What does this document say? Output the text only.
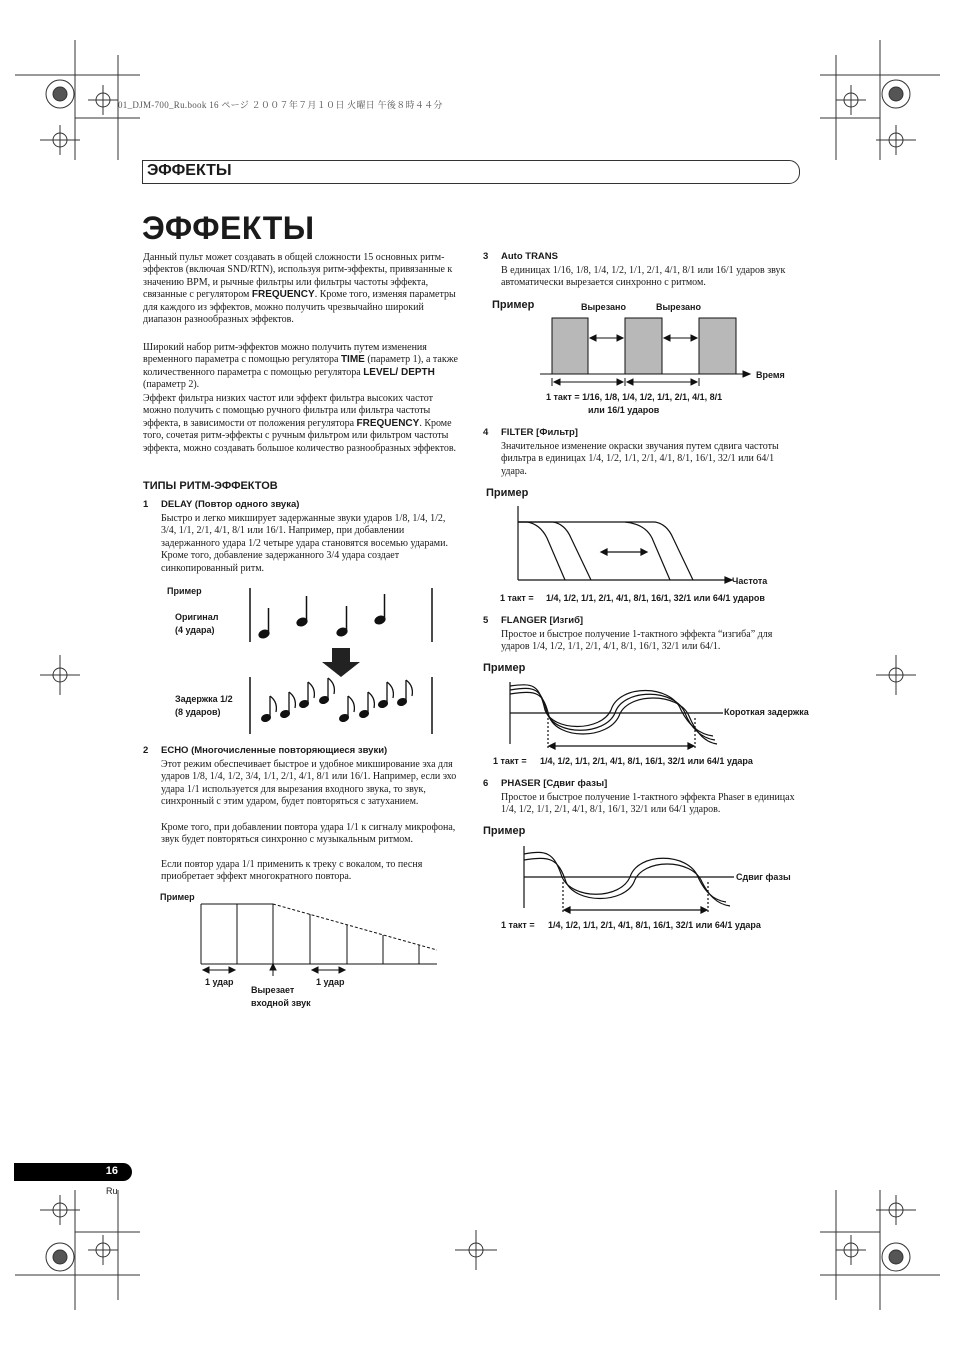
01_DJM-700_Ru.book 16 ページ ２００７年７月１０日 火曜日 午後８時４４分
ЭФФЕКТЫ
ЭФФЕКТЫ
Данный пульт может создавать в общей сложности 15 основных ритм-эффектов (включая SND/RTN), используя ритм-эффекты, привязанные к значению BPM, и рычные фильтры или фильтры частоты эффекта, связанные с регулятором FREQUENCY. Кроме того, изменяя параметры для каждого из эффектов, можно получить чрезвычайно широкий диапазон разнообразных эффектов.
Широкий набор ритм-эффектов можно получить путем изменения временного параметра с помощью регулятора TIME (параметр 1), а также количественного параметра с помощью регулятора LEVEL/ DEPTH (параметр 2).
Эффект фильтра низких частот или эффект фильтра высоких частот можно получить с помощью ручного фильтра или фильтра частоты эффекта, в зависимости от положения регулятора FREQUENCY. Кроме того, сочетая ритм-эффекты с ручным фильтром или фильтром частоты эффекта, можно создавать большое количество разнообразных эффектов.
ТИПЫ РИТМ-ЭФФЕКТОВ
1 DELAY (Повтор одного звука)
Быстро и легко микширует задержанные звуки ударов 1/8, 1/4, 1/2, 3/4, 1/1, 2/1, 4/1, 8/1 или 16/1. Например, при добавлении задержанного удара 1/2 четыре удара становятся восемью ударами. Кроме того, добавление задержанного 3/4 удара создает синкопированный ритм.
Пример
Оригинал
(4 удара)
Задержка 1/2
(8 ударов)
2 ECHO (Многочисленные повторяющиеся звуки)
Этот режим обеспечивает быстрое и удобное микширование эха для ударов 1/8, 1/4, 1/2, 3/4, 1/1, 2/1, 4/1, 8/1 или 16/1. Например, если эхо удара 1/1 используется для вырезания входного звука, то звук, синхронный с этим ударом, будет повторяться с затуханием.
Кроме того, при добавлении повтора удара 1/1 к сигналу микрофона, звук будет повторяться синхронно с музыкальным ритмом.
Если повтор удара 1/1 применить к треку с вокалом, то песня приобретает эффект многократного повтора.
Пример
1 удар
Вырезает
входной звук
1 удар
3 Auto TRANS
В единицах 1/16, 1/8, 1/4, 1/2, 1/1, 2/1, 4/1, 8/1 или 16/1 ударов звук автоматически вырезается синхронно с ритмом.
Пример	Вырезано	Вырезано
Время
1 такт = 1/16, 1/8, 1/4, 1/2, 1/1, 2/1, 4/1, 8/1
или 16/1 ударов
4 FILTER [Фильтр]
Значительное изменение окраски звучания путем сдвига частоты фильтра в единицах 1/4, 1/2, 1/1, 2/1, 4/1, 8/1, 16/1, 32/1 или 64/1 удара.
Пример
Частота
1 такт = 1/4, 1/2, 1/1, 2/1, 4/1, 8/1, 16/1, 32/1 или 64/1 ударов
5 FLANGER [Изгиб]
Простое и быстрое получение 1-тактного эффекта “изгиба” для ударов 1/4, 1/2, 1/1, 2/1, 4/1, 8/1, 16/1, 32/1 или 64/1.
Пример
Короткая задержка
1 такт = 1/4, 1/2, 1/1, 2/1, 4/1, 8/1, 16/1, 32/1 или 64/1 удара
6 PHASER [Сдвиг фазы]
Простое и быстрое получение 1-тактного эффекта Phaser в единицах 1/4, 1/2, 1/1, 2/1, 4/1, 8/1, 16/1, 32/1 или 64/1 ударов.
Пример
Сдвиг фазы
1 такт = 1/4, 1/2, 1/1, 2/1, 4/1, 8/1, 16/1, 32/1 или 64/1 удара
16
Ru
